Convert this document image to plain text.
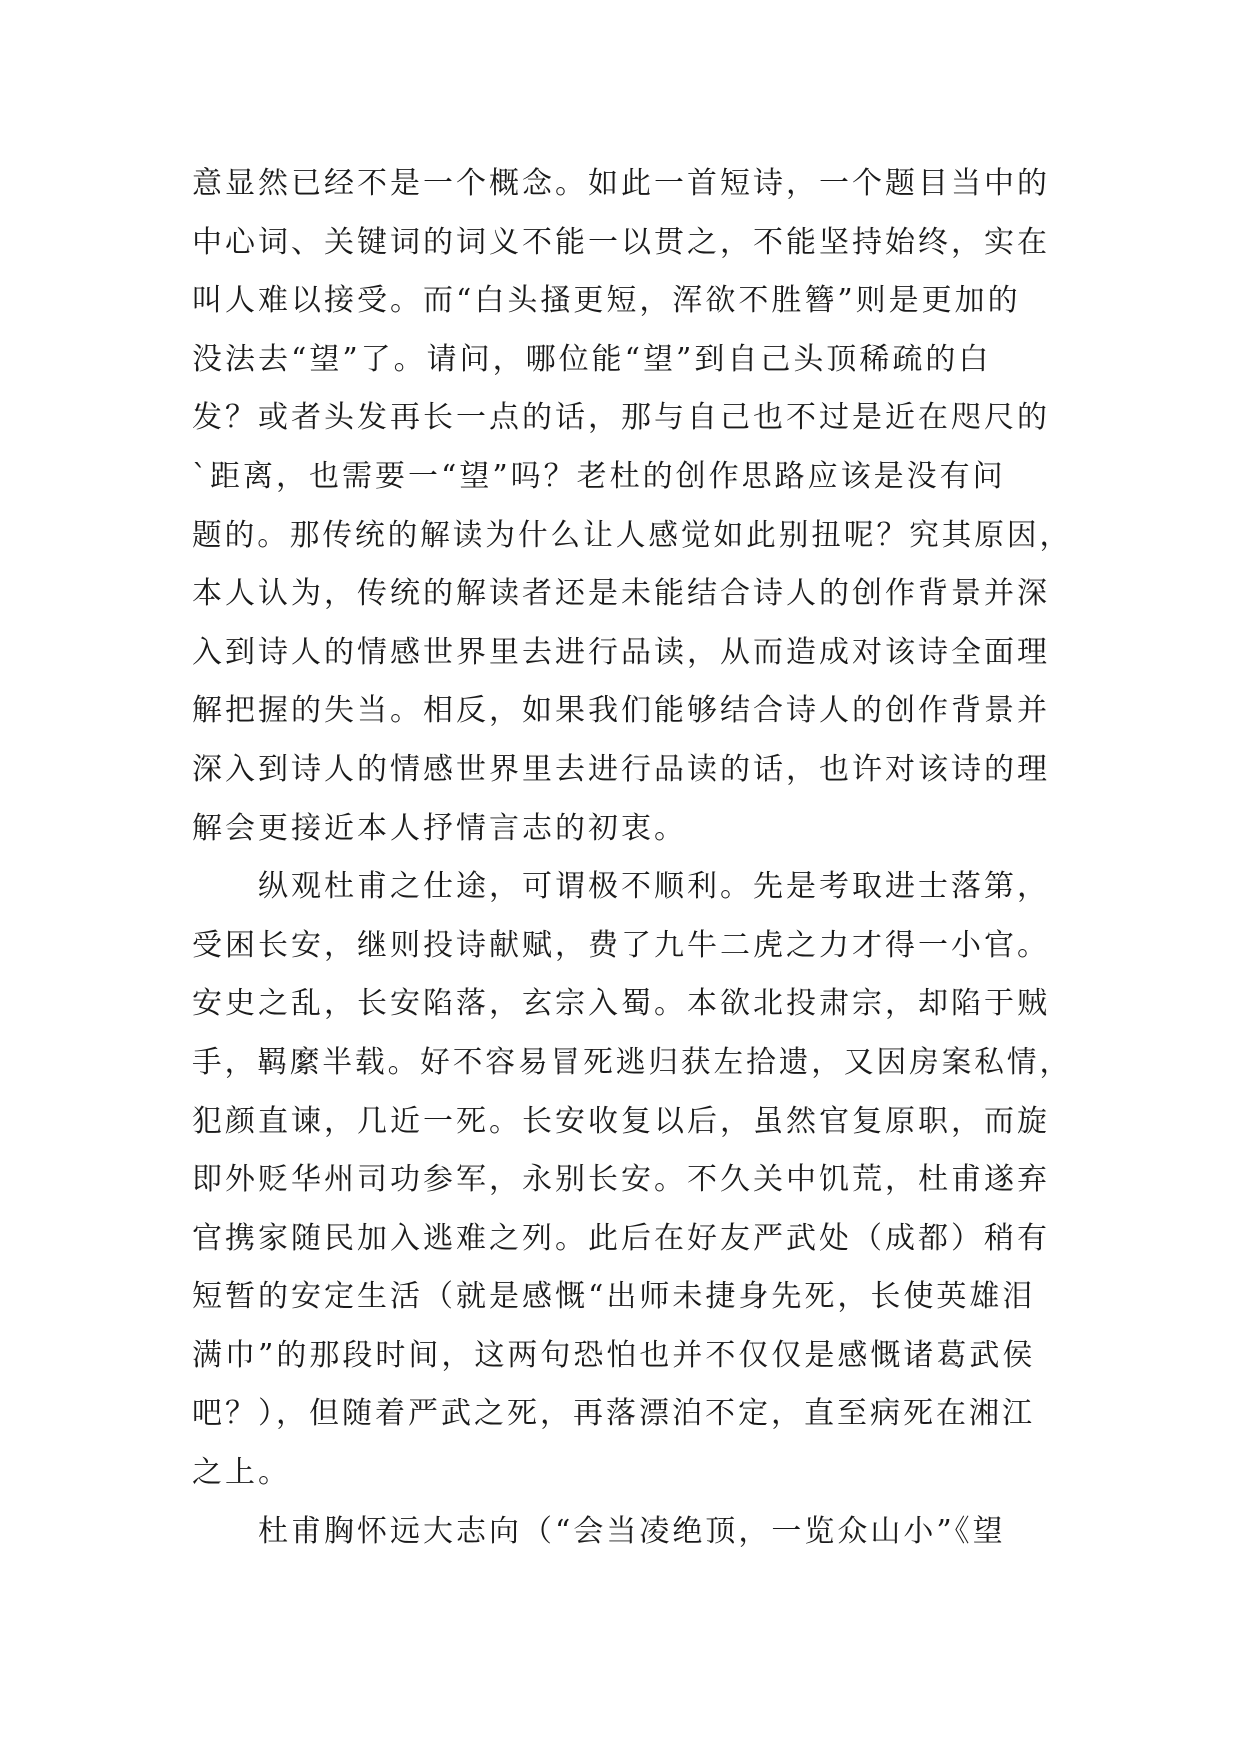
意显然已经不是一个概念。如此一首短诗，一个题目当中的
中心词、关键词的词义不能一以贯之，不能坚持始终，实在
叫人难以接受。而“白头搔更短，浑欲不胜簪”则是更加的
没法去“望”了。请问，哪位能“望”到自己头顶稀疏的白
发？或者头发再长一点的话，那与自己也不过是近在咫尺的
`距离，也需要一“望”吗？老杜的创作思路应该是没有问
题的。那传统的解读为什么让人感觉如此别扭呢？究其原因，
本人认为，传统的解读者还是未能结合诗人的创作背景并深
入到诗人的情感世界里去进行品读，从而造成对该诗全面理
解把握的失当。相反，如果我们能够结合诗人的创作背景并
深入到诗人的情感世界里去进行品读的话，也许对该诗的理
解会更接近本人抒情言志的初衷。
纵观杜甫之仕途，可谓极不顺利。先是考取进士落第，
受困长安，继则投诗献赋，费了九牛二虎之力才得一小官。
安史之乱，长安陷落，玄宗入蜀。本欲北投肃宗，却陷于贼
手，羁縻半载。好不容易冒死逃归获左拾遗，又因房案私情，
犯颜直谏，几近一死。长安收复以后，虽然官复原职，而旋
即外贬华州司功参军，永别长安。不久关中饥荒，杜甫遂弃
官携家随民加入逃难之列。此后在好友严武处（成都）稍有
短暂的安定生活（就是感慨“出师未捷身先死，长使英雄泪
满巾”的那段时间，这两句恐怕也并不仅仅是感慨诸葛武侯
吧？），但随着严武之死，再落漂泊不定，直至病死在湘江
之上。
杜甫胸怀远大志向（“会当凌绝顶，一览众山小”《望
